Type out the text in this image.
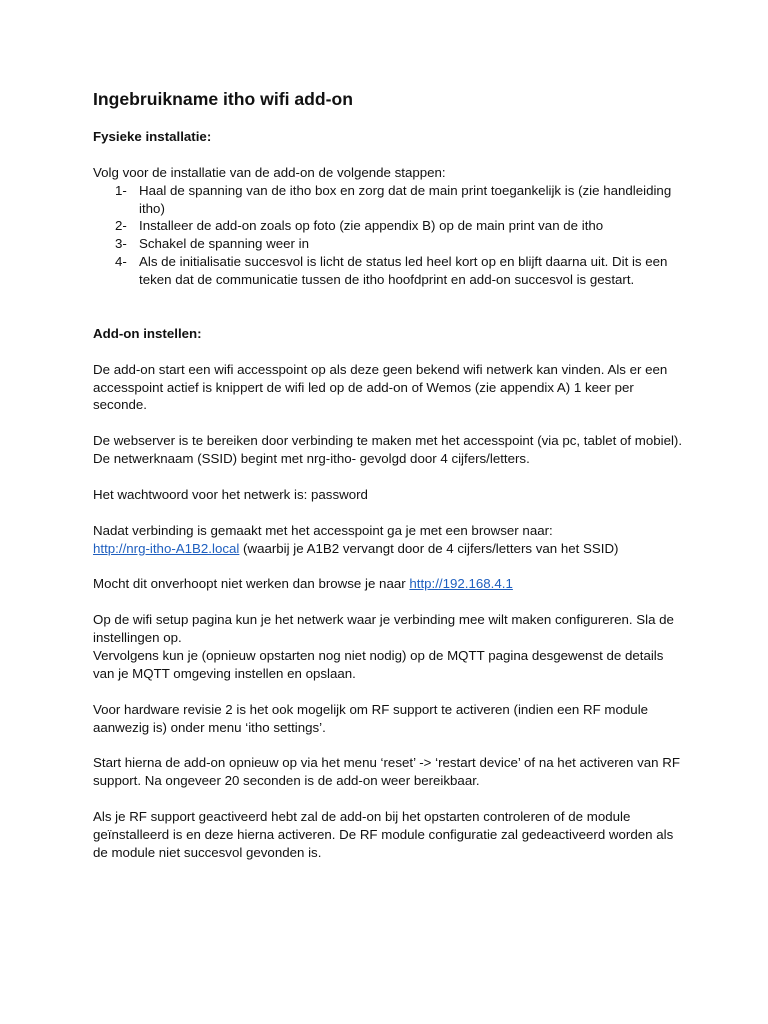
Ingebruikname itho wifi add-on

Fysieke installatie:

Volg voor de installatie van de add-on de volgende stappen:

1- Haal de spanning van de itho box en zorg dat de main print toegankelijk is (zie handleiding itho)
2- Installeer de add-on zoals op foto (zie appendix B) op de main print van de itho
3- Schakel de spanning weer in
4- Als de initialisatie succesvol is licht de status led heel kort op en blijft daarna uit. Dit is een teken dat de communicatie tussen de itho hoofdprint en add-on succesvol is gestart.

Add-on instellen:

De add-on start een wifi accesspoint op als deze geen bekend wifi netwerk kan vinden. Als er een accesspoint actief is knippert de wifi led op de add-on of Wemos (zie appendix A) 1 keer per seconde.

De webserver is te bereiken door verbinding te maken met het accesspoint (via pc, tablet of mobiel). De netwerknaam (SSID) begint met nrg-itho- gevolgd door 4 cijfers/letters.

Het wachtwoord voor het netwerk is: password

Nadat verbinding is gemaakt met het accesspoint ga je met een browser naar:
http://nrg-itho-A1B2.local (waarbij je A1B2 vervangt door de 4 cijfers/letters van het SSID)

Mocht dit onverhoopt niet werken dan browse je naar http://192.168.4.1

Op de wifi setup pagina kun je het netwerk waar je verbinding mee wilt maken configureren. Sla de instellingen op.

Vervolgens kun je (opnieuw opstarten nog niet nodig) op de MQTT pagina desgewenst de details van je MQTT omgeving instellen en opslaan.

Voor hardware revisie 2 is het ook mogelijk om RF support te activeren (indien een RF module aanwezig is) onder menu ‘itho settings’.

Start hierna de add-on opnieuw op via het menu ‘reset’ -> ‘restart device’ of na het activeren van RF support. Na ongeveer 20 seconden is de add-on weer bereikbaar.

Als je RF support geactiveerd hebt zal de add-on bij het opstarten controleren of de module geïnstalleerd is en deze hierna activeren. De RF module configuratie zal gedeactiveerd worden als de module niet succesvol gevonden is.
